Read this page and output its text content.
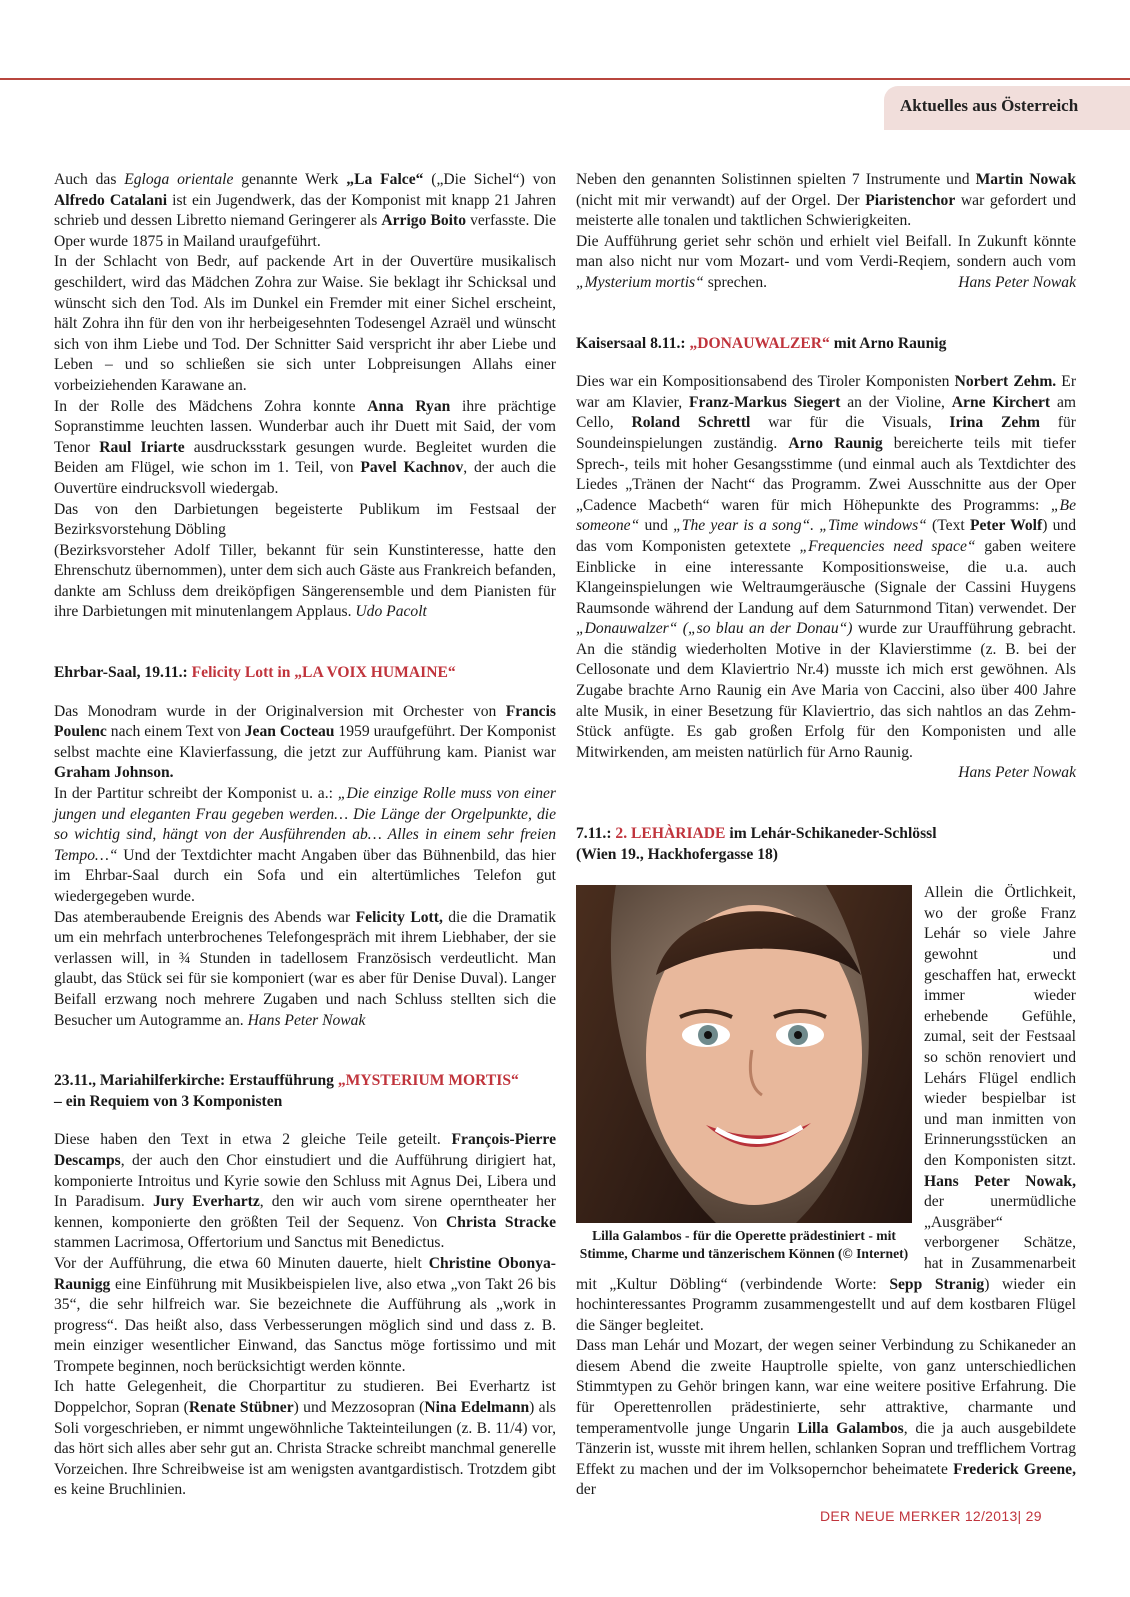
Aktuelles aus Österreich

Auch das Egloga orientale genannte Werk „La Falce“ („Die Sichel“) von Alfredo Catalani ist ein Jugendwerk, das der Komponist mit knapp 21 Jahren schrieb und dessen Libretto niemand Geringerer als Arrigo Boito verfasste. Die Oper wurde 1875 in Mailand uraufgeführt.

In der Schlacht von Bedr, auf packende Art in der Ouvertüre musikalisch geschildert, wird das Mädchen Zohra zur Waise. Sie beklagt ihr Schicksal und wünscht sich den Tod. Als im Dunkel ein Fremder mit einer Sichel erscheint, hält Zohra ihn für den von ihr herbeigesehnten Todesengel Azraël und wünscht sich von ihm Liebe und Tod. Der Schnitter Said verspricht ihr aber Liebe und Leben – und so schließen sie sich unter Lobpreisungen Allahs einer vorbeiziehenden Karawane an.

In der Rolle des Mädchens Zohra konnte Anna Ryan ihre prächtige Sopranstimme leuchten lassen. Wunderbar auch ihr Duett mit Said, der vom Tenor Raul Iriarte ausdrucksstark gesungen wurde. Begleitet wurden die Beiden am Flügel, wie schon im 1. Teil, von Pavel Kachnov, der auch die Ouvertüre eindrucksvoll wiedergab.

Das von den Darbietungen begeisterte Publikum im Festsaal der Bezirksvorstehung Döbling

(Bezirksvorsteher Adolf Tiller, bekannt für sein Kunstinteresse, hatte den Ehrenschutz übernommen), unter dem sich auch Gäste aus Frankreich befanden, dankte am Schluss dem dreiköpfigen Sängerensemble und dem Pianisten für ihre Darbietungen mit minutenlangem Applaus. Udo Pacolt

Ehrbar-Saal, 19.11.: Felicity Lott in „LA VOIX HUMAINE“

Das Monodram wurde in der Originalversion mit Orchester von Francis Poulenc nach einem Text von Jean Cocteau 1959 uraufgeführt. Der Komponist selbst machte eine Klavierfassung, die jetzt zur Aufführung kam. Pianist war Graham Johnson.

In der Partitur schreibt der Komponist u. a.: „Die einzige Rolle muss von einer jungen und eleganten Frau gegeben werden… Die Länge der Orgelpunkte, die so wichtig sind, hängt von der Ausführenden ab… Alles in einem sehr freien Tempo…“ Und der Textdichter macht Angaben über das Bühnenbild, das hier im Ehrbar-Saal durch ein Sofa und ein altertümliches Telefon gut wiedergegeben wurde.

Das atemberaubende Ereignis des Abends war Felicity Lott, die die Dramatik um ein mehrfach unterbrochenes Telefongespräch mit ihrem Liebhaber, der sie verlassen will, in ¾ Stunden in tadellosem Französisch verdeutlicht. Man glaubt, das Stück sei für sie komponiert (war es aber für Denise Duval). Langer Beifall erzwang noch mehrere Zugaben und nach Schluss stellten sich die Besucher um Autogramme an. Hans Peter Nowak

23.11., Mariahilferkirche: Erstaufführung „MYSTERIUM MORTIS“
– ein Requiem von 3 Komponisten

Diese haben den Text in etwa 2 gleiche Teile geteilt. François-Pierre Descamps, der auch den Chor einstudiert und die Aufführung dirigiert hat, komponierte Introitus und Kyrie sowie den Schluss mit Agnus Dei, Libera und In Paradisum. Jury Everhartz, den wir auch vom sirene operntheater her kennen, komponierte den größten Teil der Sequenz. Von Christa Stracke stammen Lacrimosa, Offertorium und Sanctus mit Benedictus.

Vor der Aufführung, die etwa 60 Minuten dauerte, hielt Christine Obonya-Raunigg eine Einführung mit Musikbeispielen live, also etwa „von Takt 26 bis 35“, die sehr hilfreich war. Sie bezeichnete die Aufführung als „work in progress“. Das heißt also, dass Verbesserungen möglich sind und dass z. B. mein einziger wesentlicher Einwand, das Sanctus möge fortissimo und mit Trompete beginnen, noch berücksichtigt werden könnte.

Ich hatte Gelegenheit, die Chorpartitur zu studieren. Bei Everhartz ist Doppelchor, Sopran (Renate Stübner) und Mezzosopran (Nina Edelmann) als Soli vorgeschrieben, er nimmt ungewöhnliche Takteinteilungen (z. B. 11/4) vor, das hört sich alles aber sehr gut an. Christa Stracke schreibt manchmal generelle Vorzeichen. Ihre Schreibweise ist am wenigsten avantgardistisch. Trotzdem gibt es keine Bruchlinien.

Neben den genannten Solistinnen spielten 7 Instrumente und Martin Nowak (nicht mit mir verwandt) auf der Orgel. Der Piaristenchor war gefordert und meisterte alle tonalen und taktlichen Schwierigkeiten.

Die Aufführung geriet sehr schön und erhielt viel Beifall. In Zukunft könnte man also nicht nur vom Mozart- und vom Verdi-Reqiem, sondern auch vom „Mysterium mortis“ sprechen.	Hans Peter Nowak

Kaisersaal 8.11.: „DONAUWALZER“ mit Arno Raunig

Dies war ein Kompositionsabend des Tiroler Komponisten Norbert Zehm. Er war am Klavier, Franz-Markus Siegert an der Violine, Arne Kirchert am Cello, Roland Schrettl war für die Visuals, Irina Zehm für Soundeinspielungen zuständig. Arno Raunig bereicherte teils mit tiefer Sprech-, teils mit hoher Gesangsstimme (und einmal auch als Textdichter des Liedes „Tränen der Nacht“ das Programm. Zwei Ausschnitte aus der Oper „Cadence Macbeth“ waren für mich Höhepunkte des Programms: „Be someone“ und „The year is a song“. „Time windows“ (Text Peter Wolf) und das vom Komponisten getextete „Frequencies need space“ gaben weitere Einblicke in eine interessante Kompositionsweise, die u.a. auch Klangeinspielungen wie Weltraumgeräusche (Signale der Cassini Huygens Raumsonde während der Landung auf dem Saturnmond Titan) verwendet. Der „Donauwalzer“ („so blau an der Donau“) wurde zur Uraufführung gebracht. An die ständig wiederholten Motive in der Klavierstimme (z. B. bei der Cellosonate und dem Klaviertrio Nr.4) musste ich mich erst gewöhnen. Als Zugabe brachte Arno Raunig ein Ave Maria von Caccini, also über 400 Jahre alte Musik, in einer Besetzung für Klaviertrio, das sich nahtlos an das Zehm-Stück anfügte. Es gab großen Erfolg für den Komponisten und alle Mitwirkenden, am meisten natürlich für Arno Raunig.

Hans Peter Nowak

7.11.: 2. LEHÀRIADE im Lehár-Schikaneder-Schlössl
(Wien 19., Hackhofergasse 18)
Lilla Galambos - für die Operette prädestiniert - mit Stimme, Charme und tänzerischem Können (© Internet)

Allein die Örtlichkeit, wo der große Franz Lehár so viele Jahre gewohnt und geschaffen hat, erweckt immer wieder erhebende Gefühle, zumal, seit der Festsaal so schön renoviert und Lehárs Flügel endlich wieder bespielbar ist und man inmitten von Erinnerungsstücken an den Komponisten sitzt. Hans Peter Nowak, der unermüdliche „Ausgräber“ verborgener Schätze, hat in Zusammenarbeit mit „Kultur Döbling“ (verbindende Worte: Sepp Stranig) wieder ein hochinteressantes Programm zusammengestellt und auf dem kostbaren Flügel die Sänger begleitet.

Dass man Lehár und Mozart, der wegen seiner Verbindung zu Schikaneder an diesem Abend die zweite Hauptrolle spielte, von ganz unterschiedlichen Stimmtypen zu Gehör bringen kann, war eine weitere positive Erfahrung. Die für Operettenrollen prädestinierte, sehr attraktive, charmante und temperamentvolle junge Ungarin Lilla Galambos, die ja auch ausgebildete Tänzerin ist, wusste mit ihrem hellen, schlanken Sopran und trefflichem Vortrag Effekt zu machen und der im Volksopernchor beheimatete Frederick Greene, der

DER NEUE MERKER 12/2013| 29
